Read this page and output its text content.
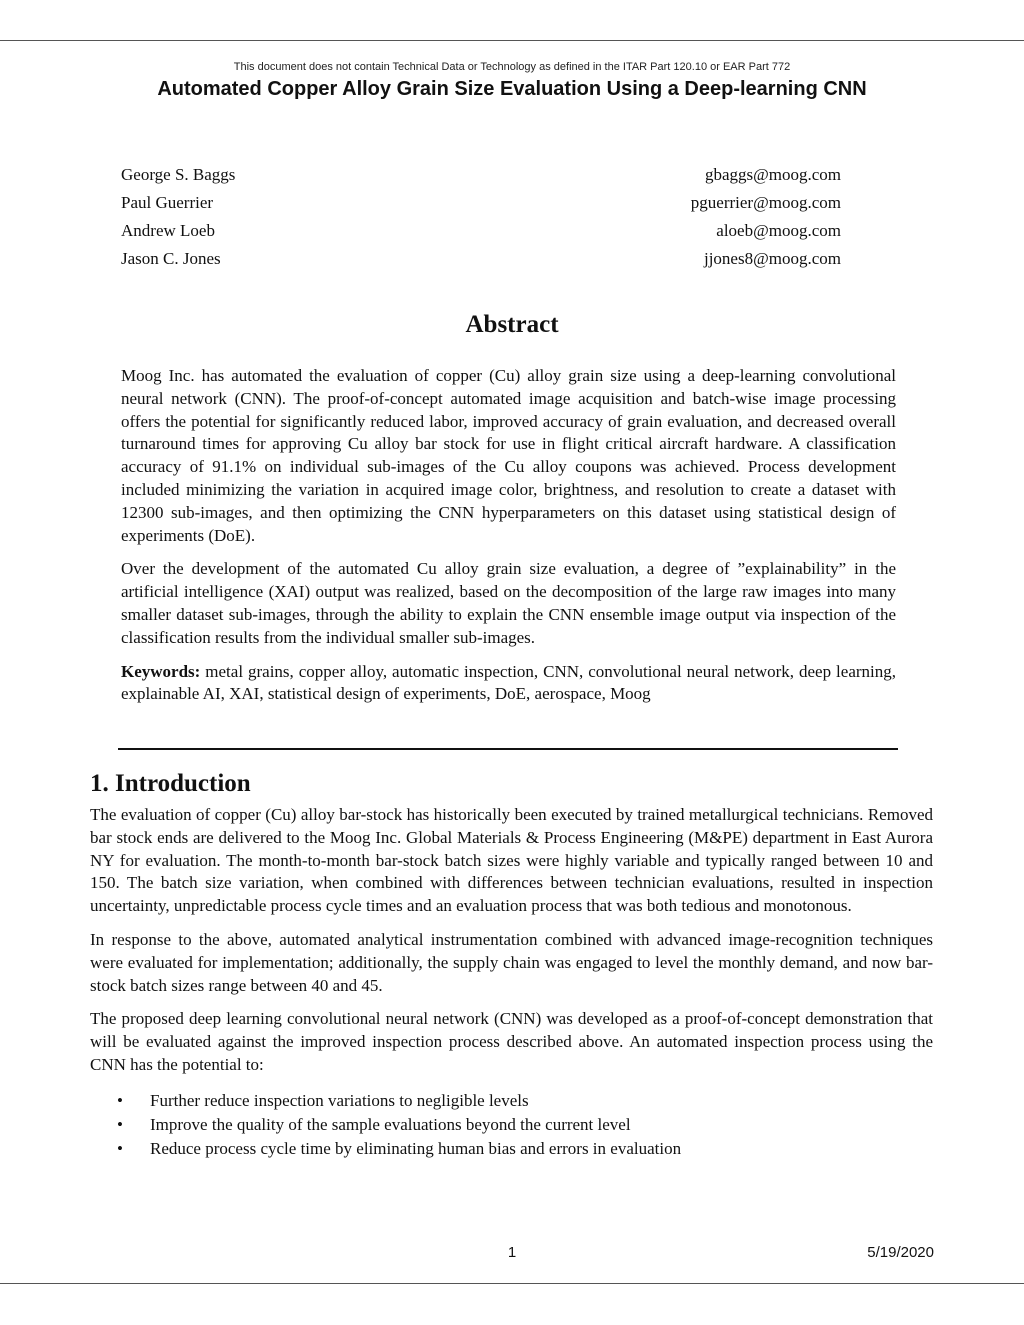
This document does not contain Technical Data or Technology as defined in the ITAR Part 120.10 or EAR Part 772
Automated Copper Alloy Grain Size Evaluation Using a Deep-learning CNN
George S. Baggs	gbaggs@moog.com
Paul Guerrier	pguerrier@moog.com
Andrew Loeb	aloeb@moog.com
Jason C. Jones	jjones8@moog.com
Abstract

Moog Inc. has automated the evaluation of copper (Cu) alloy grain size using a deep-learning convolutional neural network (CNN). The proof-of-concept automated image acquisition and batch-wise image processing offers the potential for significantly reduced labor, improved accuracy of grain evaluation, and decreased overall turnaround times for approving Cu alloy bar stock for use in flight critical aircraft hardware. A classification accuracy of 91.1% on individual sub-images of the Cu alloy coupons was achieved. Process development included minimizing the variation in acquired image color, brightness, and resolution to create a dataset with 12300 sub-images, and then optimizing the CNN hyperparameters on this dataset using statistical design of experiments (DoE).

Over the development of the automated Cu alloy grain size evaluation, a degree of ”explainability” in the artificial intelligence (XAI) output was realized, based on the decomposition of the large raw images into many smaller dataset sub-images, through the ability to explain the CNN ensemble image output via inspection of the classification results from the individual smaller sub-images.

Keywords: metal grains, copper alloy, automatic inspection, CNN, convolutional neural network, deep learning, explainable AI, XAI, statistical design of experiments, DoE, aerospace, Moog

1. Introduction

The evaluation of copper (Cu) alloy bar-stock has historically been executed by trained metallurgical technicians. Removed bar stock ends are delivered to the Moog Inc. Global Materials & Process Engineering (M&PE) department in East Aurora NY for evaluation. The month-to-month bar-stock batch sizes were highly variable and typically ranged between 10 and 150. The batch size variation, when combined with differences between technician evaluations, resulted in inspection uncertainty, unpredictable process cycle times and an evaluation process that was both tedious and monotonous.

In response to the above, automated analytical instrumentation combined with advanced image-recognition techniques were evaluated for implementation; additionally, the supply chain was engaged to level the monthly demand, and now bar-stock batch sizes range between 40 and 45.

The proposed deep learning convolutional neural network (CNN) was developed as a proof-of-concept demonstration that will be evaluated against the improved inspection process described above. An automated inspection process using the CNN has the potential to:

•	Further reduce inspection variations to negligible levels
•	Improve the quality of the sample evaluations beyond the current level
•	Reduce process cycle time by eliminating human bias and errors in evaluation
1	5/19/2020
